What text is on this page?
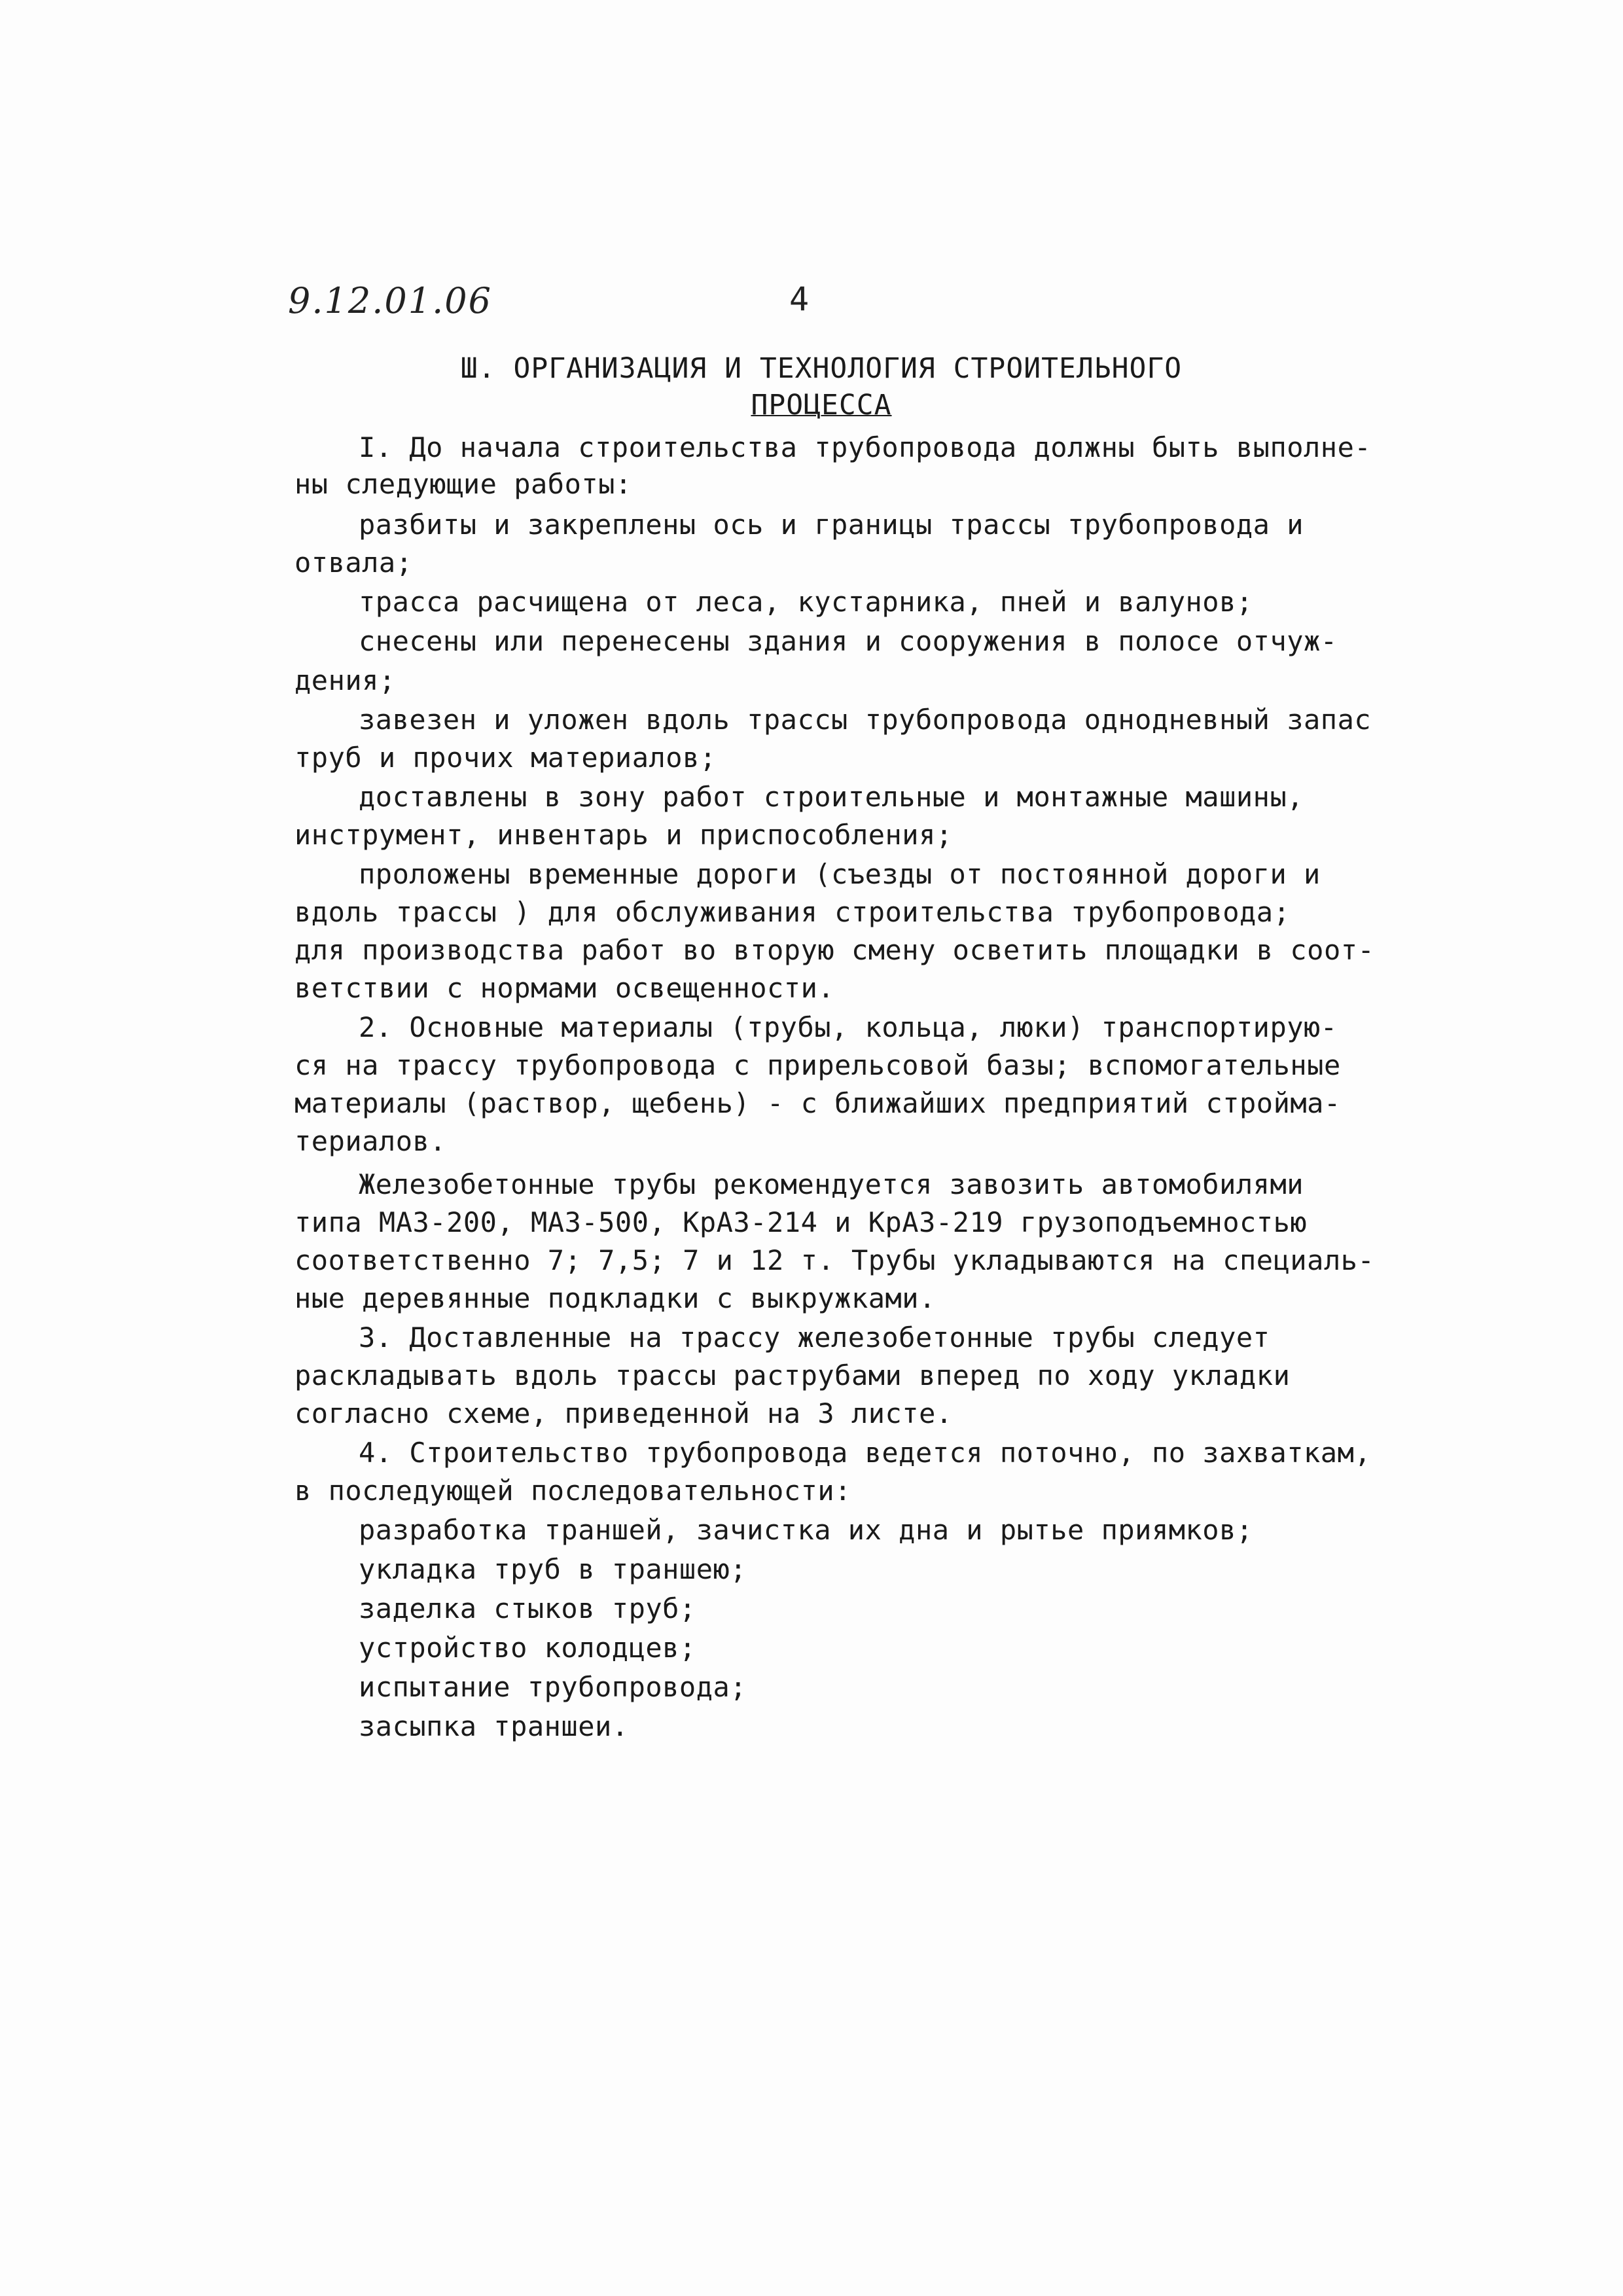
9.12.01.06	4
Ш. ОРГАНИЗАЦИЯ И ТЕХНОЛОГИЯ СТРОИТЕЛЬНОГО
ПРОЦЕССА
I. До начала строительства трубопровода должны быть выполне-
ны следующие работы:
разбиты и закреплены ось и границы трассы трубопровода и
отвала;
трасса расчищена от леса, кустарника, пней и валунов;
снесены или перенесены здания и сооружения в полосе отчуж-
дения;
завезен и уложен вдоль трассы трубопровода однодневный запас
труб и прочих материалов;
доставлены в зону работ строительные и монтажные машины,
инструмент, инвентарь и приспособления;
проложены временные дороги (съезды от постоянной дороги и
вдоль трассы ) для обслуживания строительства трубопровода;
для производства работ во вторую смену осветить площадки в соот-
ветствии с нормами освещенности.
2. Основные материалы (трубы, кольца, люки) транспортирую-
ся на трассу трубопровода с прирельсовой базы; вспомогательные
материалы (раствор, щебень) - с ближайших предприятий строймa-
териалов.
Железобетонные трубы рекомендуется завозить автомобилями
типа МАЗ-200, МАЗ-500, КрАЗ-214 и КрАЗ-219 грузоподъемностью
соответственно 7; 7,5; 7 и 12 т. Трубы укладываются на специаль-
ные деревянные подкладки с выкружками.
3. Доставленные на трассу железобетонные трубы следует
раскладывать вдоль трассы раструбами вперед по ходу укладки
согласно схеме, приведенной на 3 листе.
4. Строительство трубопровода ведется поточно, по захваткам,
в последующей последовательности:
разработка траншей, зачистка их дна и рытье приямков;
укладка труб в траншею;
заделка стыков труб;
устройство колодцев;
испытание трубопровода;
засыпка траншеи.
